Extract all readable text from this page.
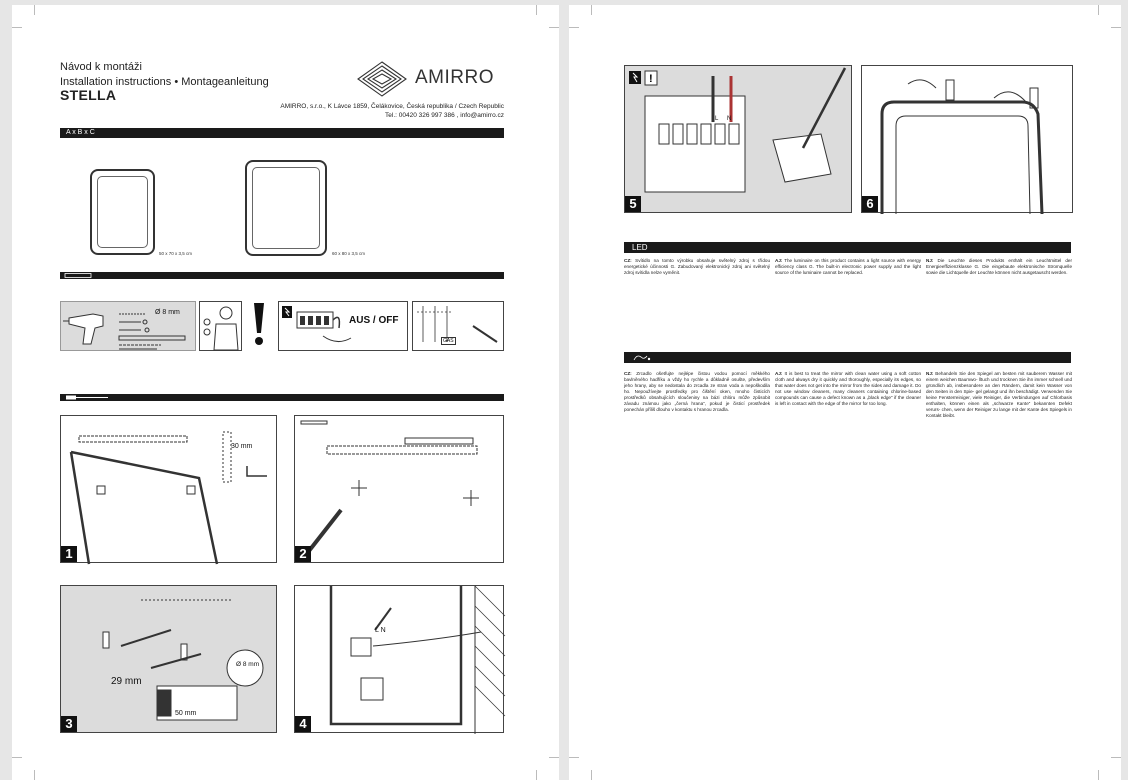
Návod k montáži
Installation instructions • Montageanleitung
STELLA
AMIRRO
AMIRRO, s.r.o., K Lávce 1859, Čelákovice, Česká republika / Czech Republic
Tel.: 00420 326 997 386 , info@amirro.cz
A x B x C
50 x 70 x 3,5 cm	60 x 80 x 3,5 cm
Ø 8 mm
AUS / OFF
GAS
30 mm
1	2
29 mm
50 mm
Ø 8 mm
3
L N
4
!
L N
5	6
LED
CZ: Svítidlo na tomto výrobku obsahuje světelný zdroj s třídou energetické účinnosti G. Zabudovaný elektronický zdroj ani světelný zdroj svítidla nelze vyměnit.
AJ: The luminaire on this product contains a light source with energy efficiency class G. The built-in electronic power supply and the light source of the luminaire cannot be replaced.
NJ: Die Leuchte dieses Produkts enthält ein Leuchtmittel der Energieeffizienzklasse G. Die eingebaute elektronische Stromquelle sowie die Lichtquelle der Leuchte können nicht ausgetauscht werden.
CZ: Zrcadlo ošetřujte nejlépe čistou vodou pomocí měkkého bavlněného hadříku a vždy ho rychle a důkladně osušte, především jeho hrany, aby se nedostala do zrcadla ze stran voda a nepoškodila ho. Nepoužívejte prostředky pro čištění oken, mnoho čisticích prostředků obsahujících sloučeniny na bázi chlóru může způsobit závadu známou jako „černá hrana“, pokud je čisticí prostředek ponechán příliš dlouho v kontaktu s hranou zrcadla.
AJ: It is best to treat the mirror with clean water using a soft cotton cloth and always dry it quickly and thoroughly, especially its edges, so that water does not get into the mirror from the sides and damage it. Do not use window cleaners, many cleaners containing chlorine-based compounds can cause a defect known as a „black edge“ if the cleaner is left in contact with the edge of the mirror for too long.
NJ: Behandeln Sie den Spiegel am besten mit sauberem Wasser mit einem weichen Baumwo- lltuch und trocknen Sie ihn immer schnell und gründlich ab, insbesondere an den Rändern, damit kein Wasser von den Seiten in den Spie- gel gelangt und ihn beschädigt. Verwenden Sie keine Fensterreiniger, viele Reiniger, die Verbindungen auf Chlorbasis enthalten, können einen als „schwarze Kante“ bekannten Defekt verurs- chen, wenn der Reiniger zu lange mit der Kante des Spiegels in Kontakt bleibt.
